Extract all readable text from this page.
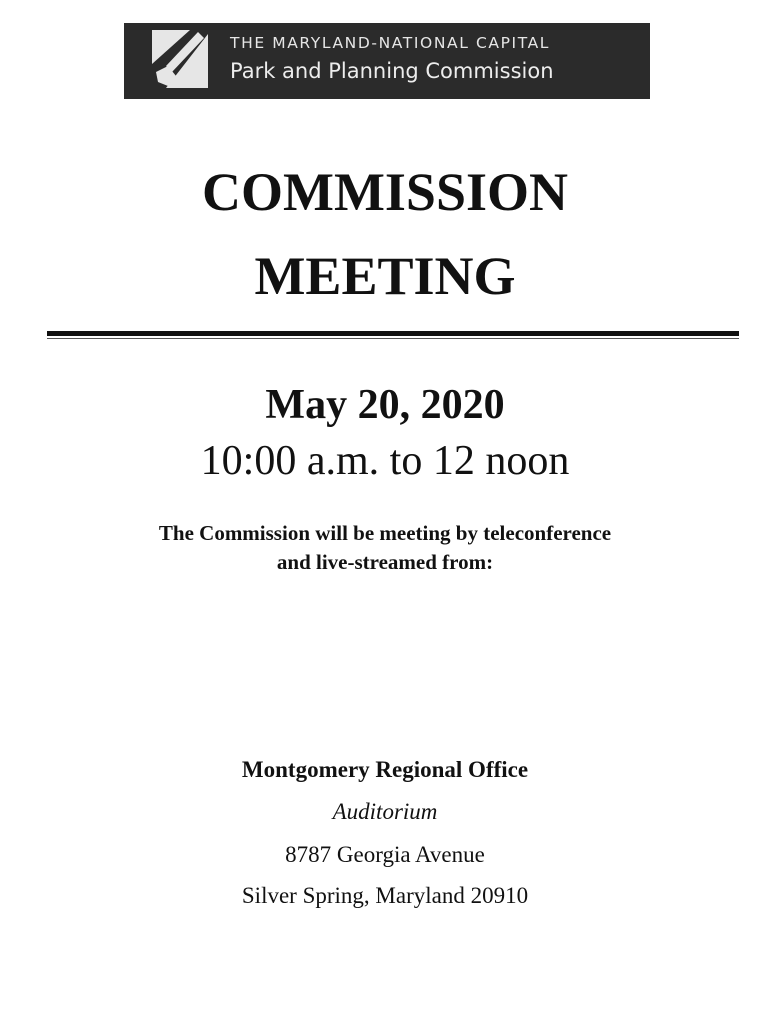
THE MARYLAND-NATIONAL CAPITAL
Park and Planning Commission
COMMISSION
MEETING
May 20, 2020
10:00 a.m. to 12 noon
The Commission will be meeting by teleconference
and live-streamed from:
Montgomery Regional Office
Auditorium
8787 Georgia Avenue
Silver Spring, Maryland 20910
